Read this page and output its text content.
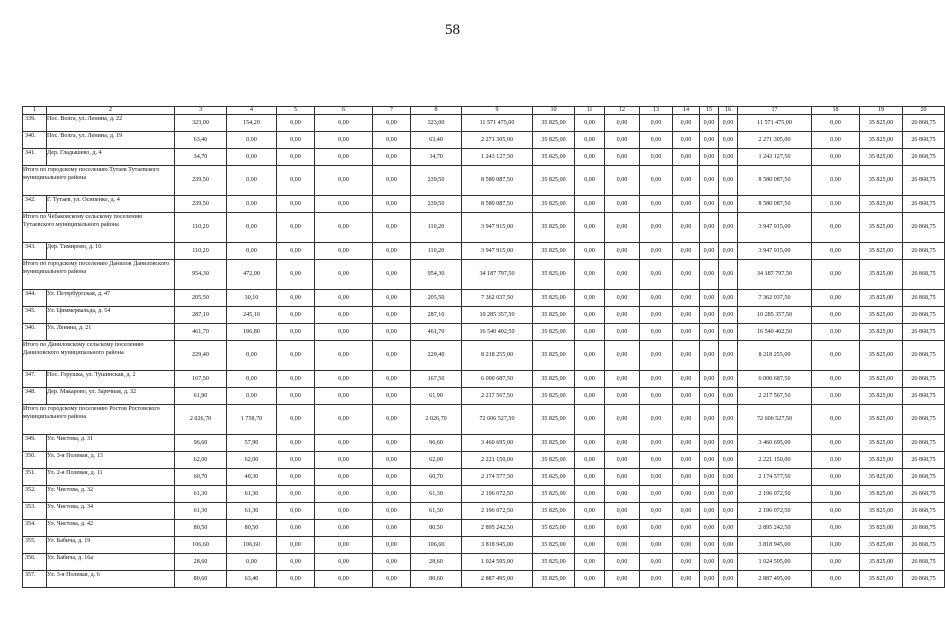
58
1	2	3	4	5	6	7	8	9	10	11	12	13	14	15	16	17	18	19	20
339.	Пос. Волга, ул. Ленина, д. 22	323,00	154,20	0,00	0,00	0,00	323,00	11 571 475,00	35 825,00	0,00	0,00	0,00	0,00	0,00	0,00	11 571 475,00	0,00	35 825,00	26 868,75
340.	Пос. Волга, ул. Ленина, д. 19	63,40	0,00	0,00	0,00	0,00	63,40	2 271 305,00	35 825,00	0,00	0,00	0,00	0,00	0,00	0,00	2 271 305,00	0,00	35 825,00	26 868,75
341.	Дер. Гладышево, д. 4	34,70	0,00	0,00	0,00	0,00	34,70	1 243 127,50	35 825,00	0,00	0,00	0,00	0,00	0,00	0,00	1 243 127,50	0,00	35 825,00	26 868,75

Итого по городскому поселению Тутаев Тутаевского муниципального района		239,50	0,00	0,00	0,00	0,00	239,50	8 580 087,50	35 825,00	0,00	0,00	0,00	0,00	0,00	0,00	8 580 087,50	0,00	35 825,00	26 868,75
342.	Г. Тутаев, ул. Осипенко, д. 4	239,50	0,00	0,00	0,00	0,00	239,50	8 580 087,50	35 825,00	0,00	0,00	0,00	0,00	0,00	0,00	8 580 087,50	0,00	35 825,00	26 868,75

Итого по Чебаковскому сельскому поселению Тутаевского муниципального района		110,20	0,00	0,00	0,00	0,00	110,20	3 947 915,00	35 825,00	0,00	0,00	0,00	0,00	0,00	0,00	3 947 915,00	0,00	35 825,00	26 868,75
343.	Дер. Тимирово, д. 10	110,20	0,00	0,00	0,00	0,00	110,20	3 947 915,00	35 825,00	0,00	0,00	0,00	0,00	0,00	0,00	3 947 915,00	0,00	35 825,00	26 868,75

Итого по городскому поселению Данилов Даниловского муниципального района		954,30	472,00	0,00	0,00	0,00	954,30	34 187 797,50	35 825,00	0,00	0,00	0,00	0,00	0,00	0,00	34 187 797,50	0,00	35 825,00	26 868,75
344.	Ул. Петербургская, д. 47	205,50	30,10	0,00	0,00	0,00	205,50	7 362 037,50	35 825,00	0,00	0,00	0,00	0,00	0,00	0,00	7 362 037,50	0,00	35 825,00	26 868,75
345.	Ул. Циммервальда, д. 54	287,10	245,10	0,00	0,00	0,00	287,10	10 285 357,50	35 825,00	0,00	0,00	0,00	0,00	0,00	0,00	10 285 357,50	0,00	35 825,00	26 868,75
346.	Ул. Ленина, д. 21	461,70	196,80	0,00	0,00	0,00	461,70	16 540 402,50	35 825,00	0,00	0,00	0,00	0,00	0,00	0,00	16 540 402,50	0,00	35 825,00	26 868,75

Итого по Даниловскому сельскому поселению Даниловского муниципального района		229,40	0,00	0,00	0,00	0,00	229,40	8 218 255,00	35 825,00	0,00	0,00	0,00	0,00	0,00	0,00	8 218 255,00	0,00	35 825,00	26 868,75
347.	Пос. Горушка, ул. Тушинская, д. 2	167,50	0,00	0,00	0,00	0,00	167,50	6 000 687,50	35 825,00	0,00	0,00	0,00	0,00	0,00	0,00	6 000 687,50	0,00	35 825,00	26 868,75
348.	Дер. Макарово, ул. Заречная, д. 32	61,90	0,00	0,00	0,00	0,00	61,90	2 217 567,50	35 825,00	0,00	0,00	0,00	0,00	0,00	0,00	2 217 567,50	0,00	35 825,00	26 868,75

Итого по городскому поселению Ростов Ростовского муниципального района		2 026,70	1 758,70	0,00	0,00	0,00	2 026,70	72 606 527,50	35 825,00	0,00	0,00	0,00	0,00	0,00	0,00	72 606 527,50	0,00	35 825,00	26 868,75
349.	Ул. Чистова, д. 31	96,60	57,90	0,00	0,00	0,00	96,60	3 460 695,00	35 825,00	0,00	0,00	0,00	0,00	0,00	0,00	3 460 695,00	0,00	35 825,00	26 868,75
350.	Ул. 3-я Полевая, д. 13	62,00	62,00	0,00	0,00	0,00	62,00	2 221 150,00	35 825,00	0,00	0,00	0,00	0,00	0,00	0,00	2 221 150,00	0,00	35 825,00	26 868,75
351.	Ул. 2-я Полевая, д. 11	60,70	40,30	0,00	0,00	0,00	60,70	2 174 577,50	35 825,00	0,00	0,00	0,00	0,00	0,00	0,00	2 174 577,50	0,00	35 825,00	26 868,75
352.	Ул. Чистова, д. 32	61,30	61,30	0,00	0,00	0,00	61,30	2 196 072,50	35 825,00	0,00	0,00	0,00	0,00	0,00	0,00	2 196 072,50	0,00	35 825,00	26 868,75
353.	Ул. Чистова, д. 34	61,30	61,30	0,00	0,00	0,00	61,30	2 196 072,50	35 825,00	0,00	0,00	0,00	0,00	0,00	0,00	2 196 072,50	0,00	35 825,00	26 868,75
354.	Ул. Чистова, д. 42	80,50	80,50	0,00	0,00	0,00	80,50	2 895 242,50	35 825,00	0,00	0,00	0,00	0,00	0,00	0,00	2 895 242,50	0,00	35 825,00	26 868,75
355.	Ул. Бабича, д. 19	106,60	106,60	0,00	0,00	0,00	106,60	3 818 945,00	35 825,00	0,00	0,00	0,00	0,00	0,00	0,00	3 818 945,00	0,00	35 825,00	26 868,75
356.	Ул. Бабича, д. 16а	28,60	0,00	0,00	0,00	0,00	28,60	1 024 595,00	35 825,00	0,00	0,00	0,00	0,00	0,00	0,00	1 024 595,00	0,00	35 825,00	26 868,75
357.	Ул. 3-я Полевая, д. 6	80,60	63,40	0,00	0,00	0,00	80,60	2 887 495,00	35 825,00	0,00	0,00	0,00	0,00	0,00	0,00	2 887 495,00	0,00	35 825,00	26 868,75
